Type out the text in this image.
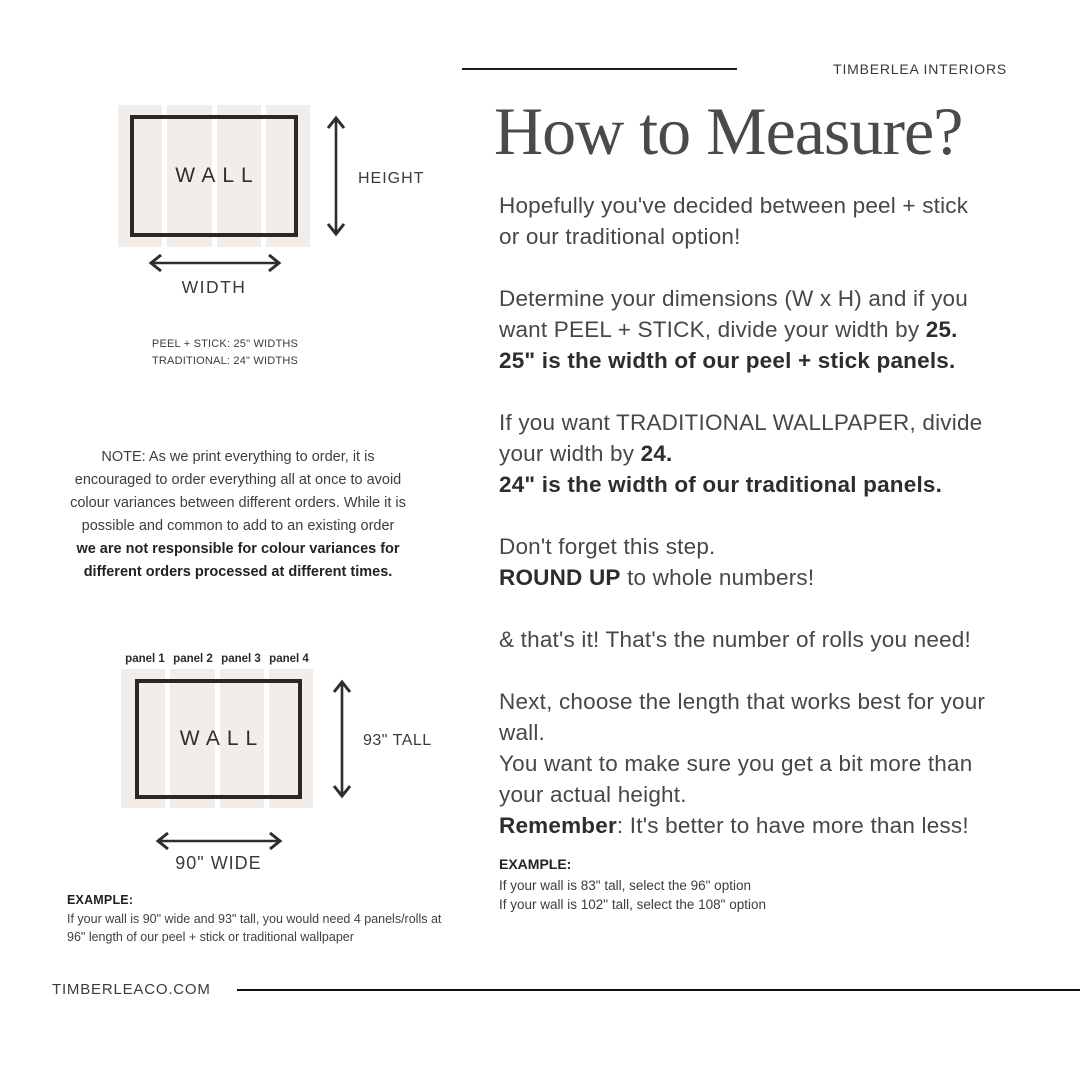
TIMBERLEA INTERIORS
How to Measure?
WALL	HEIGHT
WIDTH
PEEL + STICK: 25" WIDTHS
TRADITIONAL: 24" WIDTHS
NOTE: As we print everything to order, it is
encouraged to order everything all at once to avoid
colour variances between different orders. While it is
possible and common to add to an existing order
we are not responsible for colour variances for
different orders processed at different times.
panel 1 panel 2 panel 3 panel 4
WALL	93" TALL
90" WIDE
EXAMPLE:
If your wall is 90" wide and 93" tall, you would need 4 panels/rolls at
96" length of our peel + stick or traditional wallpaper
TIMBERLEACO.COM

Hopefully you've decided between peel + stick
or our traditional option!

Determine your dimensions (W x H) and if you
want PEEL + STICK, divide your width by 25.
25" is the width of our peel + stick panels.

If you want TRADITIONAL WALLPAPER, divide
your width by 24.
24" is the width of our traditional panels.

Don't forget this step.
ROUND UP to whole numbers!

& that's it! That's the number of rolls you need!

Next, choose the length that works best for your
wall.
You want to make sure you get a bit more than
your actual height.
Remember: It's better to have more than less!

EXAMPLE:
If your wall is 83" tall, select the 96" option
If your wall is 102" tall, select the 108" option
